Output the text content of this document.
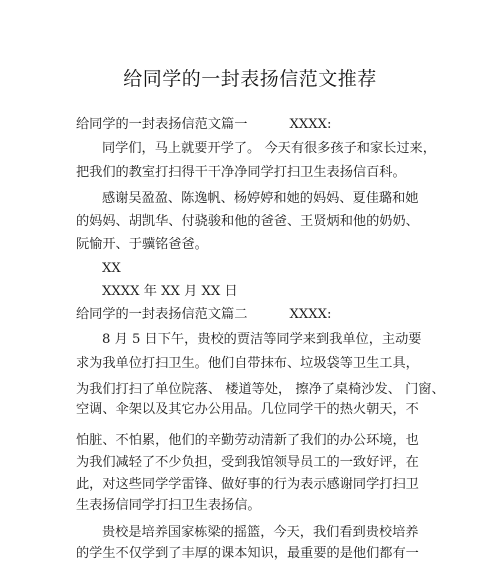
给同学的一封表扬信范文推荐
给同学的一封表扬信范文篇一	XXXX:
同学们，马上就要开学了。 今天有很多孩子和家长过来，
把我们的教室打扫得干干净净同学打扫卫生表扬信百科。
感谢吴盈盈、陈逸帆、杨婷婷和她的妈妈、夏佳璐和她
的妈妈、胡凯华、付骁骏和他的爸爸、王贤炳和他的奶奶、
阮愉开、于骥铭爸爸。
XX
XXXX 年 XX 月 XX 日
给同学的一封表扬信范文篇二	XXXX:
8 月 5 日下午，贵校的贾洁等同学来到我单位，主动要
求为我单位打扫卫生。他们自带抹布、垃圾袋等卫生工具，
为我们打扫了单位院落、 楼道等处， 擦净了桌椅沙发、 门窗、
空调、伞架以及其它办公用品。几位同学干的热火朝天，不
怕脏、不怕累，他们的辛勤劳动清新了我们的办公环境，也
为我们减轻了不少负担，受到我馆领导员工的一致好评，在
此，对这些同学学雷锋、做好事的行为表示感谢同学打扫卫
生表扬信同学打扫卫生表扬信。
贵校是培养国家栋梁的摇篮，今天，我们看到贵校培养
的学生不仅学到了丰厚的课本知识，最重要的是他们都有一
